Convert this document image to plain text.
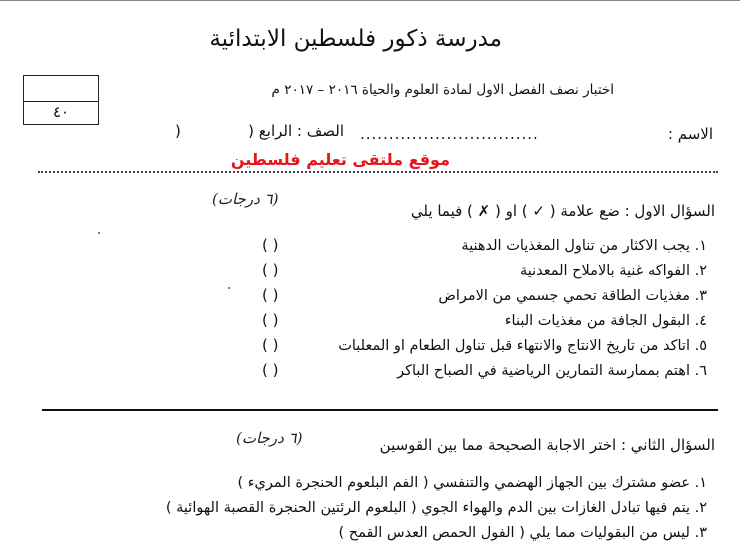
مدرسة ذكور فلسطين الابتدائية
اختبار نصف الفصل الاول لمادة العلوم والحياة ٢٠١٦ – ٢٠١٧ م
٤٠
الاسم :
...............................
الصف : الرابع (
)
موقع ملتقى تعليم فلسطين
(٦ درجات)
السؤال الاول : ضع علامة ( ✓ ) او ( ✗ ) فيما يلي
١. يجب الاكثار من تناول المغذيات الدهنية
( )
٢. الفواكه غنية بالاملاح المعدنية
( )
٣. مغذيات الطاقة تحمي جسمي من الامراض
( )
٤. البقول الجافة من مغذيات البناء
( )
٥. اتاكد من تاريخ الانتاج والانتهاء قبل تناول الطعام او المعلبات
( )
٦. اهتم بممارسة التمارين الرياضية في الصباح الباكر
( )
(٦ درجات)	السؤال الثاني : اختر الاجابة الصحيحة مما بين القوسين
١. عضو مشترك بين الجهاز الهضمي والتنفسي ( الفم البلعوم الحنجرة المريء )
٢. يتم فيها تبادل الغازات بين الدم والهواء الجوي ( البلعوم الرئتين الحنجرة القصبة الهوائية )
٣. ليس من البقوليات مما يلي ( الفول الحمص العدس القمح )
